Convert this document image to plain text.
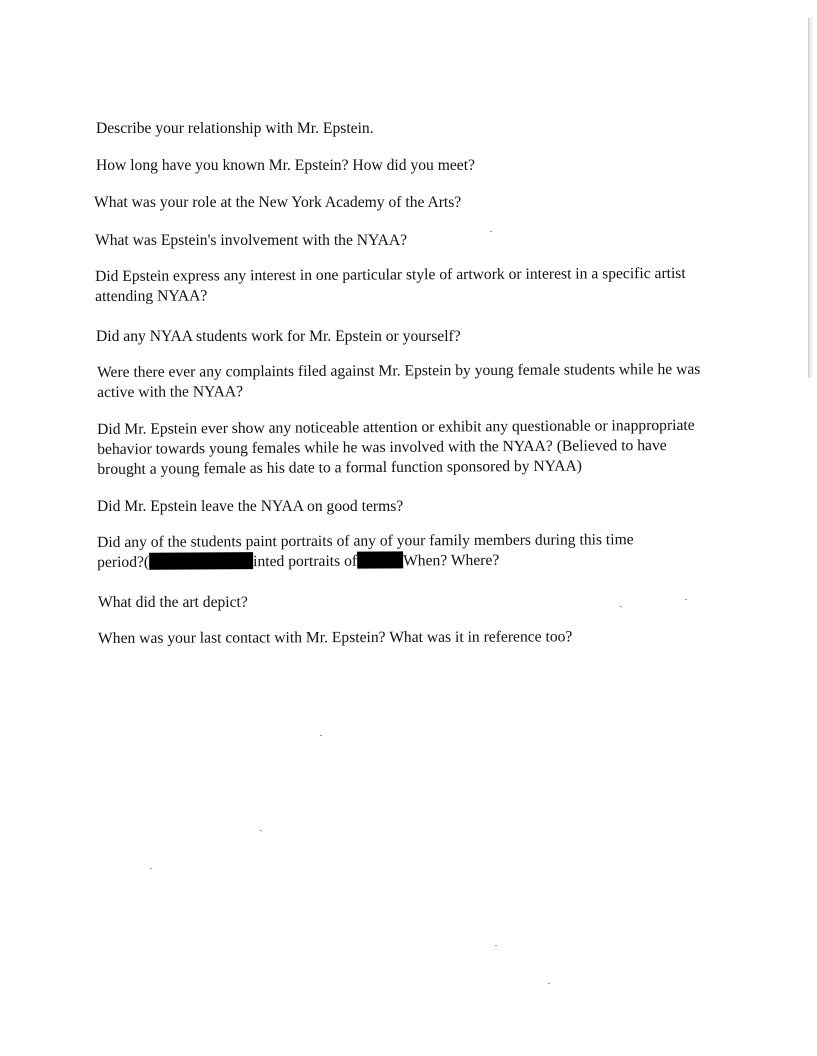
Describe your relationship with Mr. Epstein.
How long have you known Mr. Epstein? How did you meet?
What was your role at the New York Academy of the Arts?
What was Epstein's involvement with the NYAA?
Did Epstein express any interest in one particular style of artwork or interest in a specific artist
attending NYAA?
Did any NYAA students work for Mr. Epstein or yourself?
Were there ever any complaints filed against Mr. Epstein by young female students while he was
active with the NYAA?
Did Mr. Epstein ever show any noticeable attention or exhibit any questionable or inappropriate
behavior towards young females while he was involved with the NYAA? (Believed to have
brought a young female as his date to a formal function sponsored by NYAA)
Did Mr. Epstein leave the NYAA on good terms?
Did any of the students paint portraits of any of your family members during this time
period?(	inted portraits of	When? Where?
What did the art depict?
When was your last contact with Mr. Epstein? What was it in reference too?
